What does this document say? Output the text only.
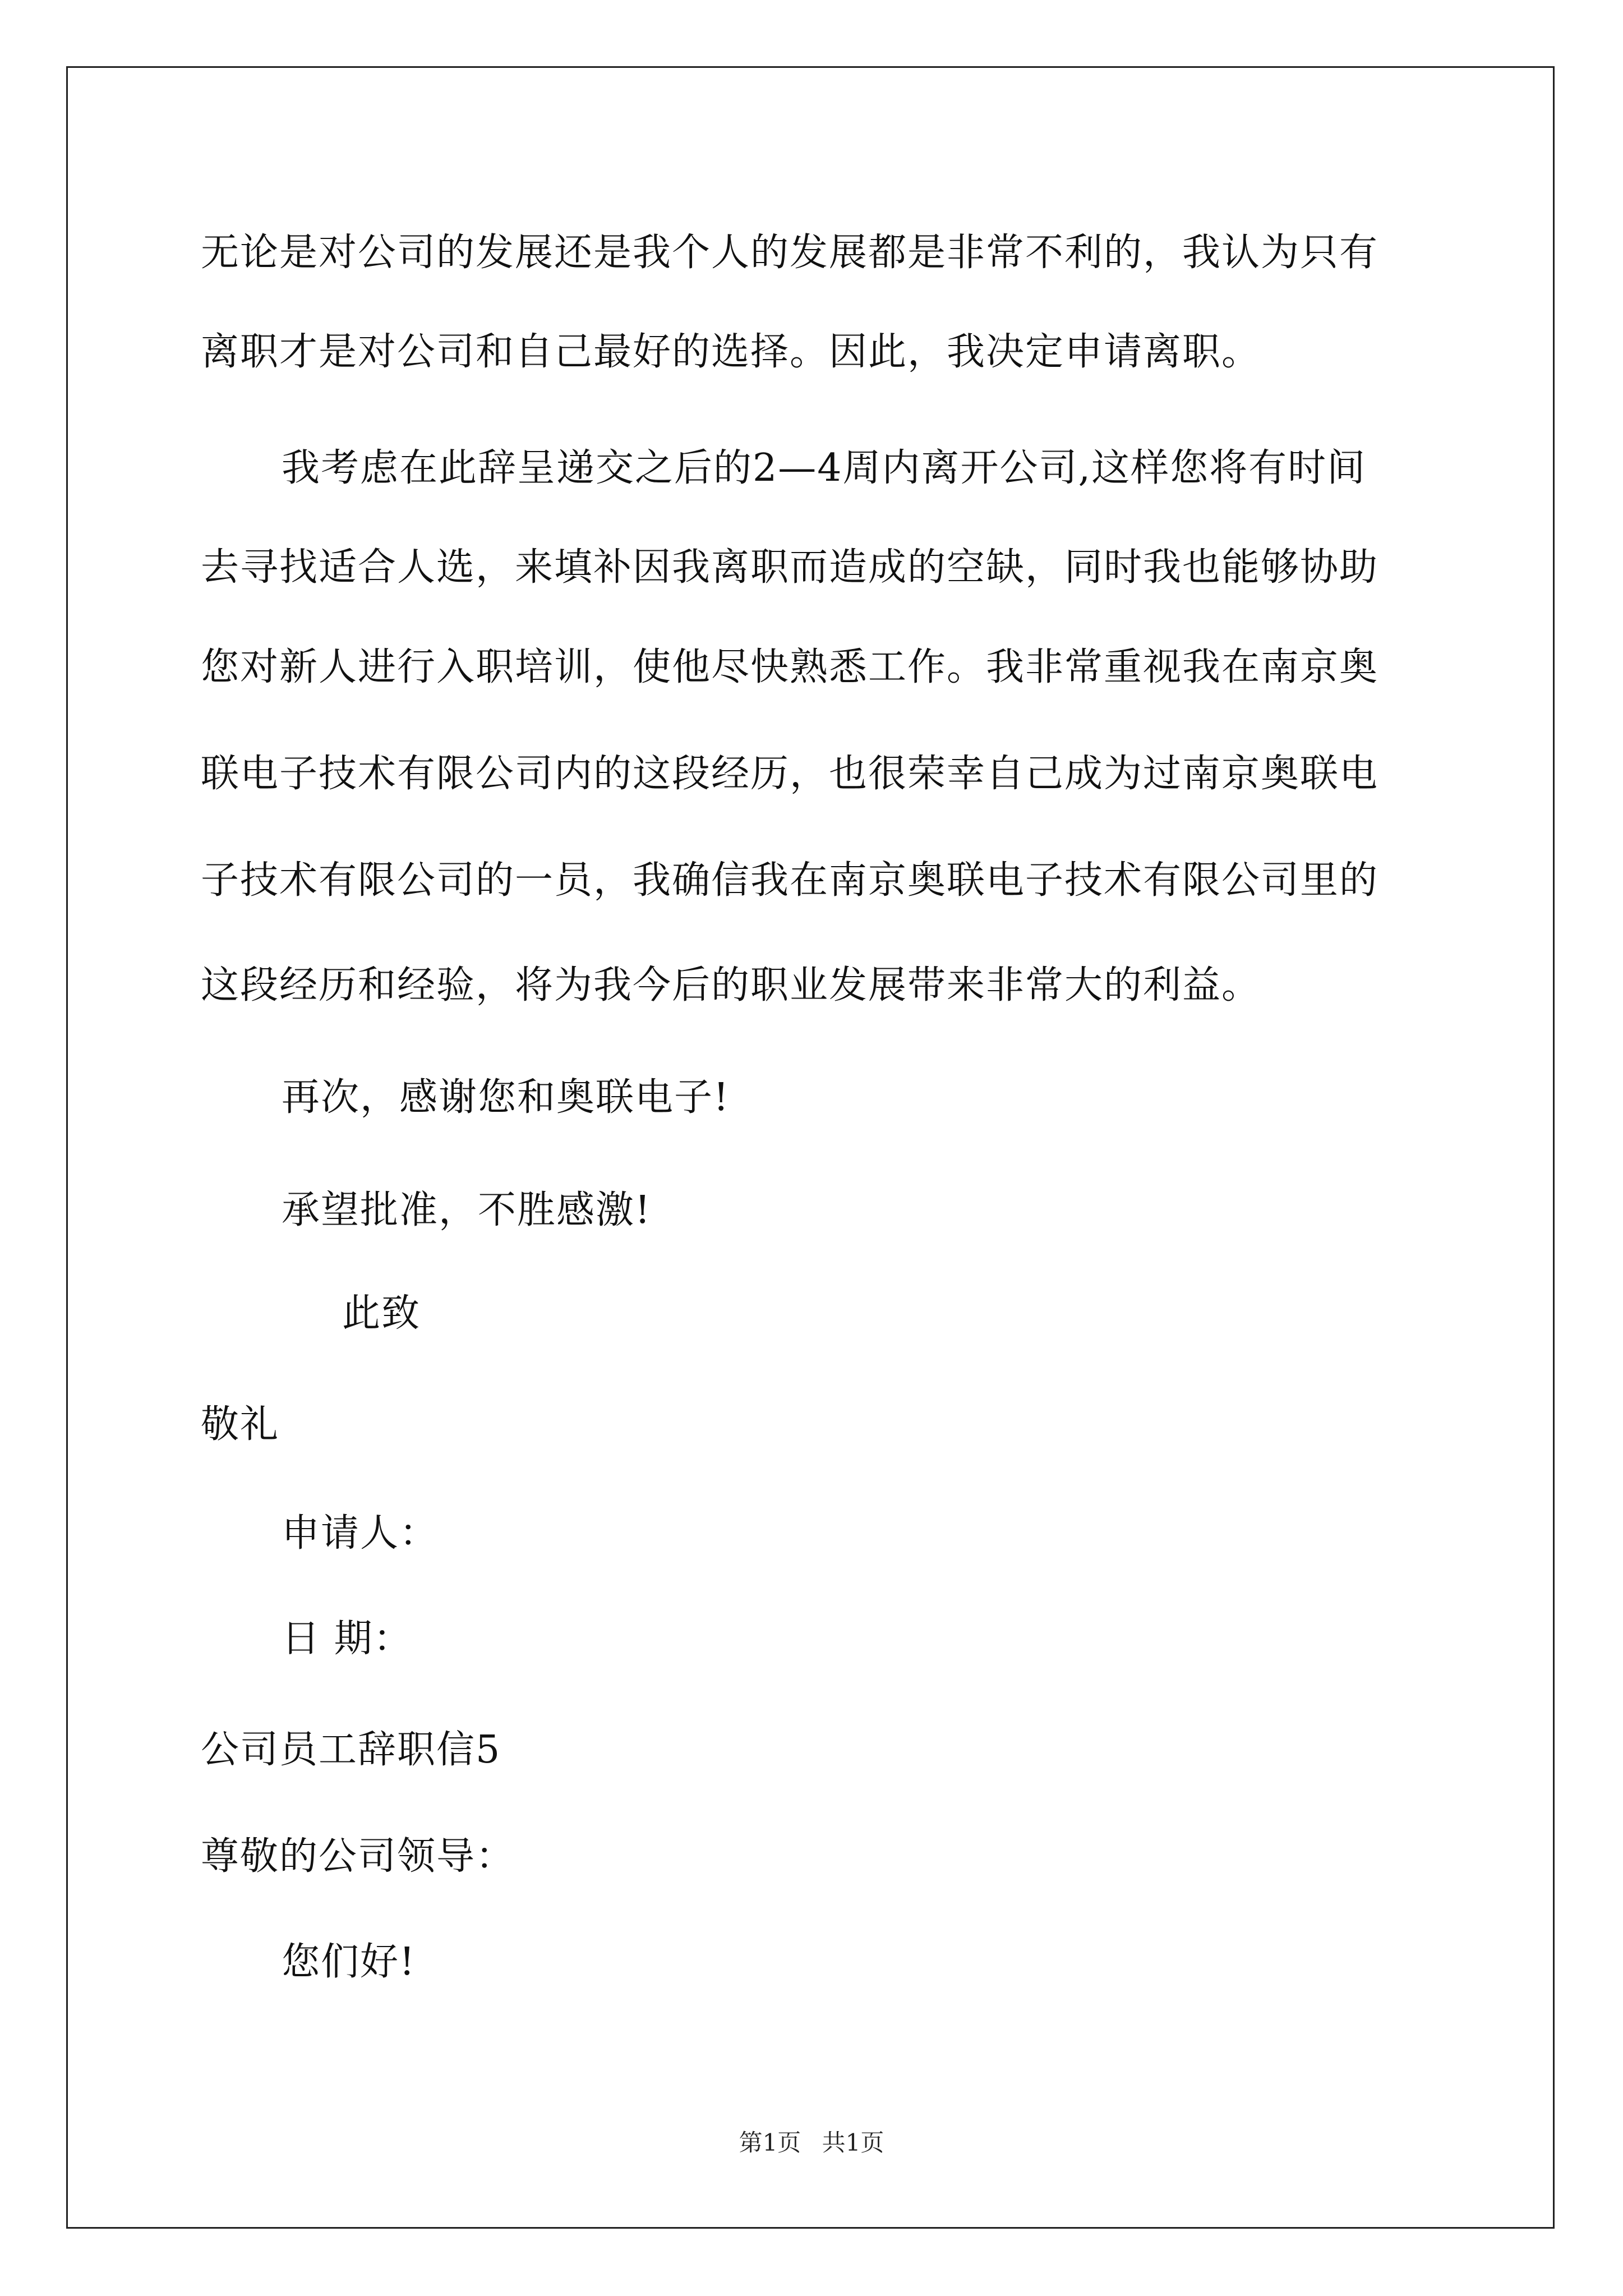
无论是对公司的发展还是我个人的发展都是非常不利的，我认为只有
离职才是对公司和自己最好的选择。因此，我决定申请离职。
我考虑在此辞呈递交之后的2—4周内离开公司,这样您将有时间
去寻找适合人选，来填补因我离职而造成的空缺，同时我也能够协助
您对新人进行入职培训，使他尽快熟悉工作。我非常重视我在南京奥
联电子技术有限公司内的这段经历，也很荣幸自己成为过南京奥联电
子技术有限公司的一员，我确信我在南京奥联电子技术有限公司里的
这段经历和经验，将为我今后的职业发展带来非常大的利益。
再次，感谢您和奥联电子!
承望批准，不胜感激!
此致
敬礼
申请人：
日 期：
公司员工辞职信5
尊敬的公司领导：
您们好!
第1页 共1页
